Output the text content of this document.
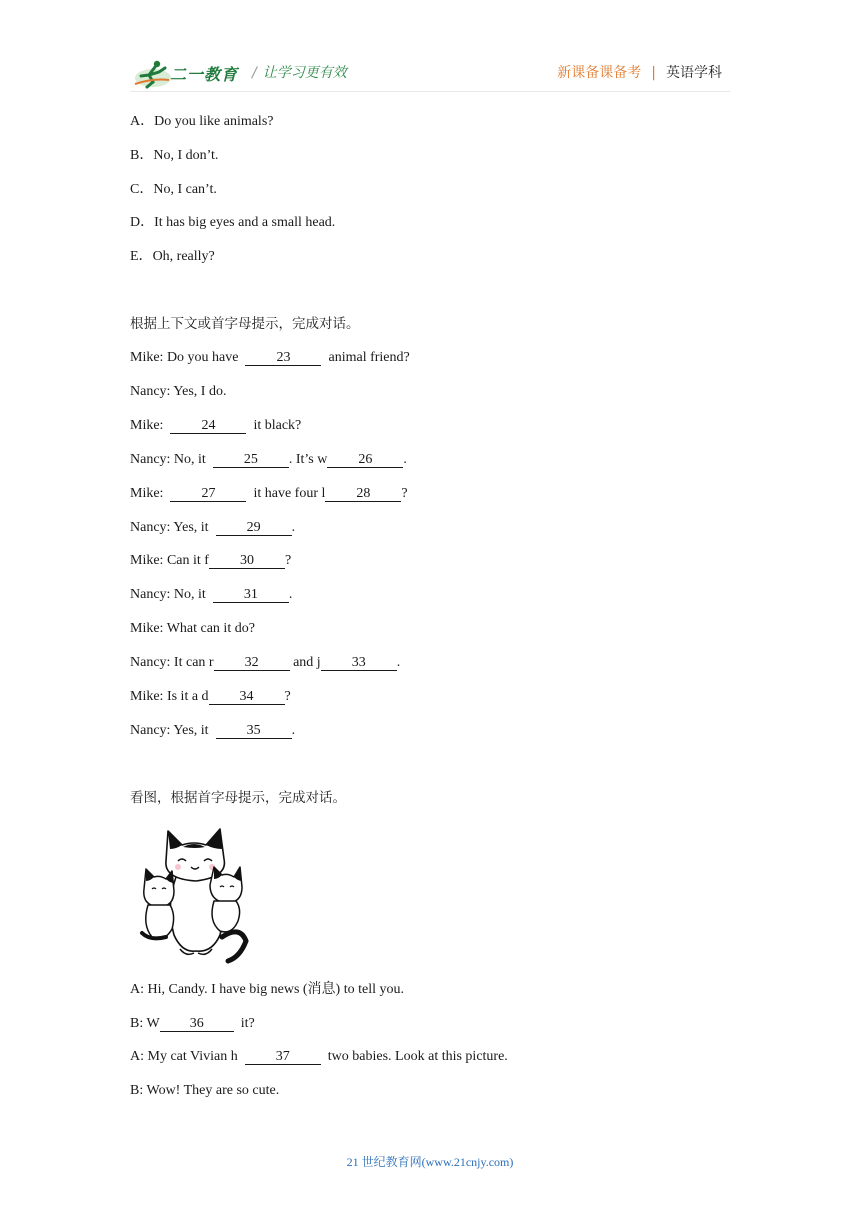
二一教育 / 让学习更有效	新课备课备考 | 英语学科
A．Do you like animals?
B．No, I don’t.
C．No, I can’t.
D．It has big eyes and a small head.
E．Oh, really?
根据上下文或首字母提示，完成对话。
Mike: Do you have  23  animal friend?
Nancy: Yes, I do.
Mike:  24  it black?
Nancy: No, it  25 . It’s w 26 .
Mike:  27  it have four l 28 ?
Nancy: Yes, it  29 .
Mike: Can it f 30 ?
Nancy: No, it  31 .
Mike: What can it do?
Nancy: It can r 32 and j 33 .
Mike: Is it a d 34 ?
Nancy: Yes, it  35 .
看图，根据首字母提示，完成对话。
A: Hi, Candy. I have big news (消息) to tell you.
B: W 36  it?
A: My cat Vivian h  37  two babies. Look at this picture.
B: Wow! They are so cute.
21 世纪教育网(www.21cnjy.com)
